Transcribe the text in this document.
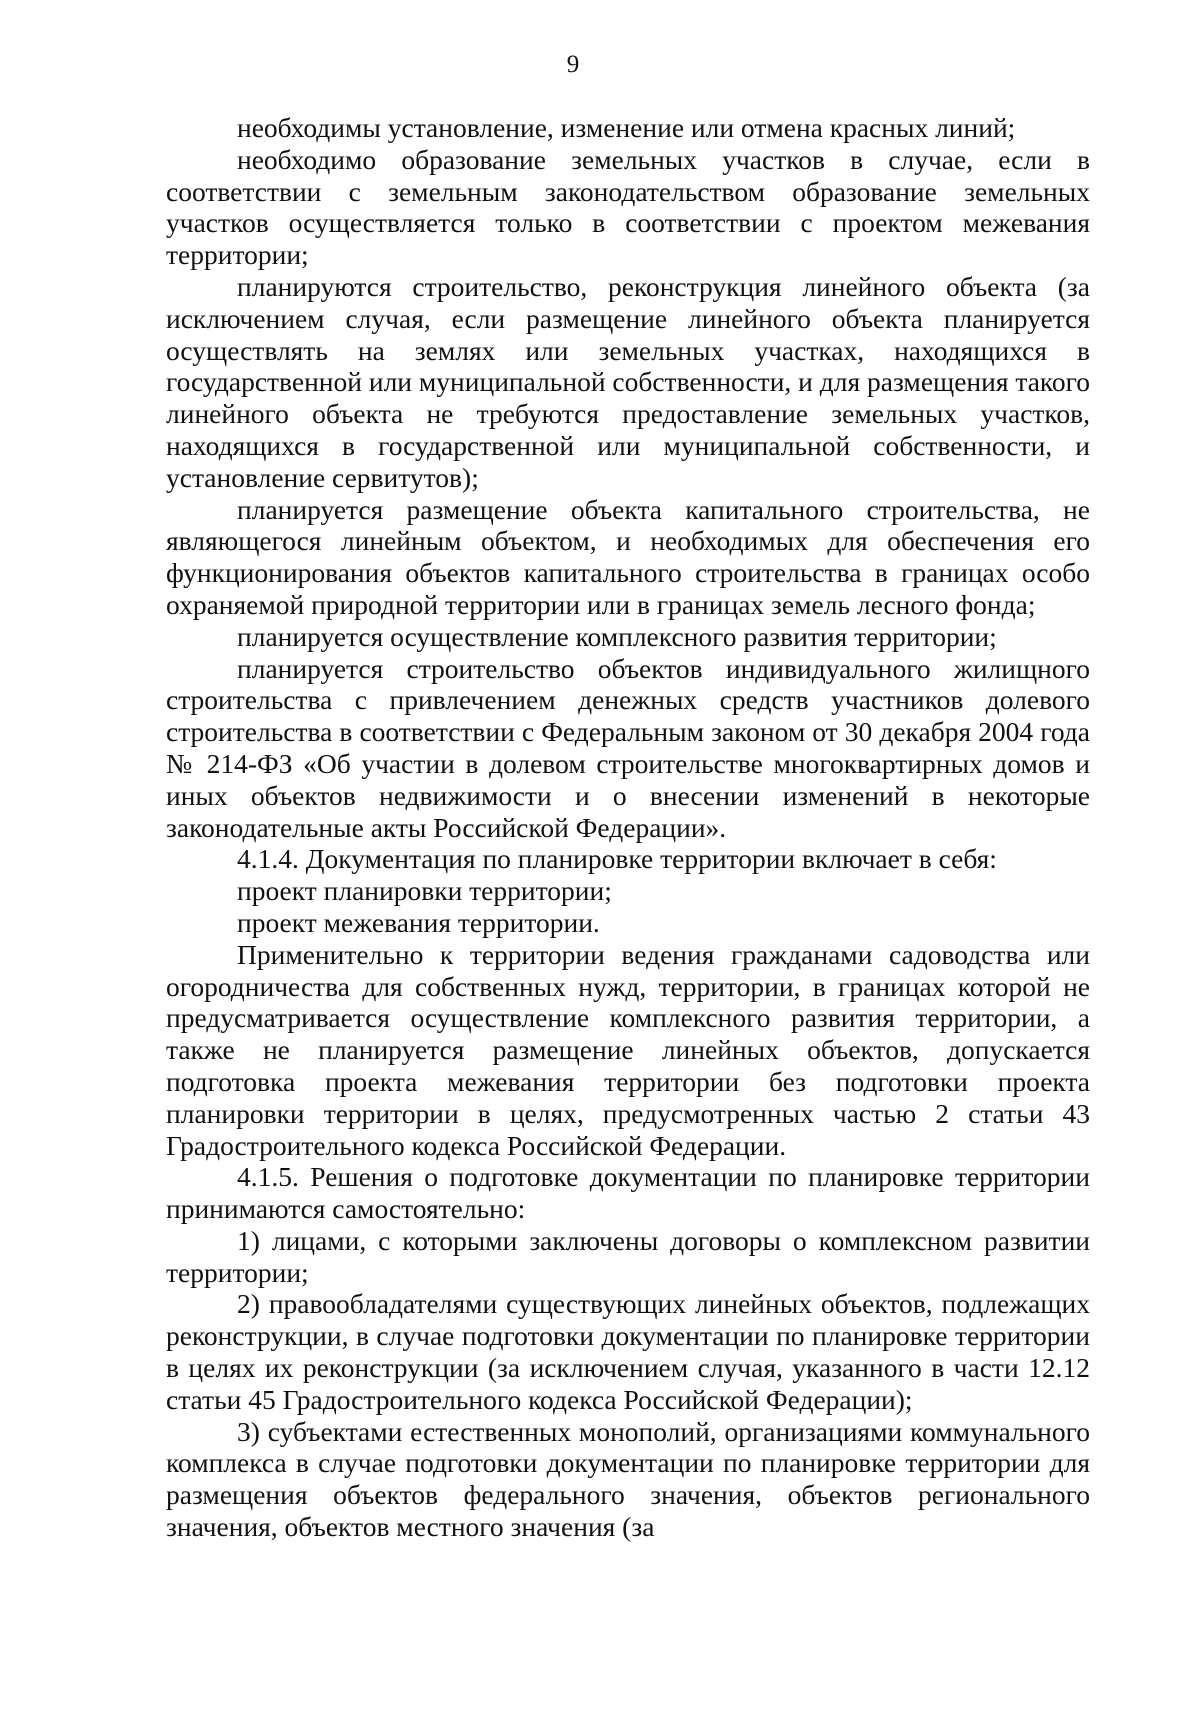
9

необходимы установление, изменение или отмена красных линий;

необходимо образование земельных участков в случае, если в соответствии с земельным законодательством образование земельных участков осуществляется только в соответствии с проектом межевания территории;

планируются строительство, реконструкция линейного объекта (за исключением случая, если размещение линейного объекта планируется осуществлять на землях или земельных участках, находящихся в государственной или муниципальной собственности, и для размещения такого линейного объекта не требуются предоставление земельных участков, находящихся в государственной или муниципальной собственности, и установление сервитутов);

планируется размещение объекта капитального строительства, не являющегося линейным объектом, и необходимых для обеспечения его функционирования объектов капитального строительства в границах особо охраняемой природной территории или в границах земель лесного фонда;

планируется осуществление комплексного развития территории;

планируется строительство объектов индивидуального жилищного строительства с привлечением денежных средств участников долевого строительства в соответствии с Федеральным законом от 30 декабря 2004 года № 214-ФЗ «Об участии в долевом строительстве многоквартирных домов и иных объектов недвижимости и о внесении изменений в некоторые законодательные акты Российской Федерации».

4.1.4. Документация по планировке территории включает в себя:

проект планировки территории;

проект межевания территории.

Применительно к территории ведения гражданами садоводства или огородничества для собственных нужд, территории, в границах которой не предусматривается осуществление комплексного развития территории, а также не планируется размещение линейных объектов, допускается подготовка проекта межевания территории без подготовки проекта планировки территории в целях, предусмотренных частью 2 статьи 43 Градостроительного кодекса Российской Федерации.

4.1.5. Решения о подготовке документации по планировке территории принимаются самостоятельно:

1) лицами, с которыми заключены договоры о комплексном развитии территории;

2) правообладателями существующих линейных объектов, подлежащих реконструкции, в случае подготовки документации по планировке территории в целях их реконструкции (за исключением случая, указанного в части 12.12 статьи 45 Градостроительного кодекса Российской Федерации);

3) субъектами естественных монополий, организациями коммунального комплекса в случае подготовки документации по планировке территории для размещения объектов федерального значения, объектов регионального значения, объектов местного значения (за
